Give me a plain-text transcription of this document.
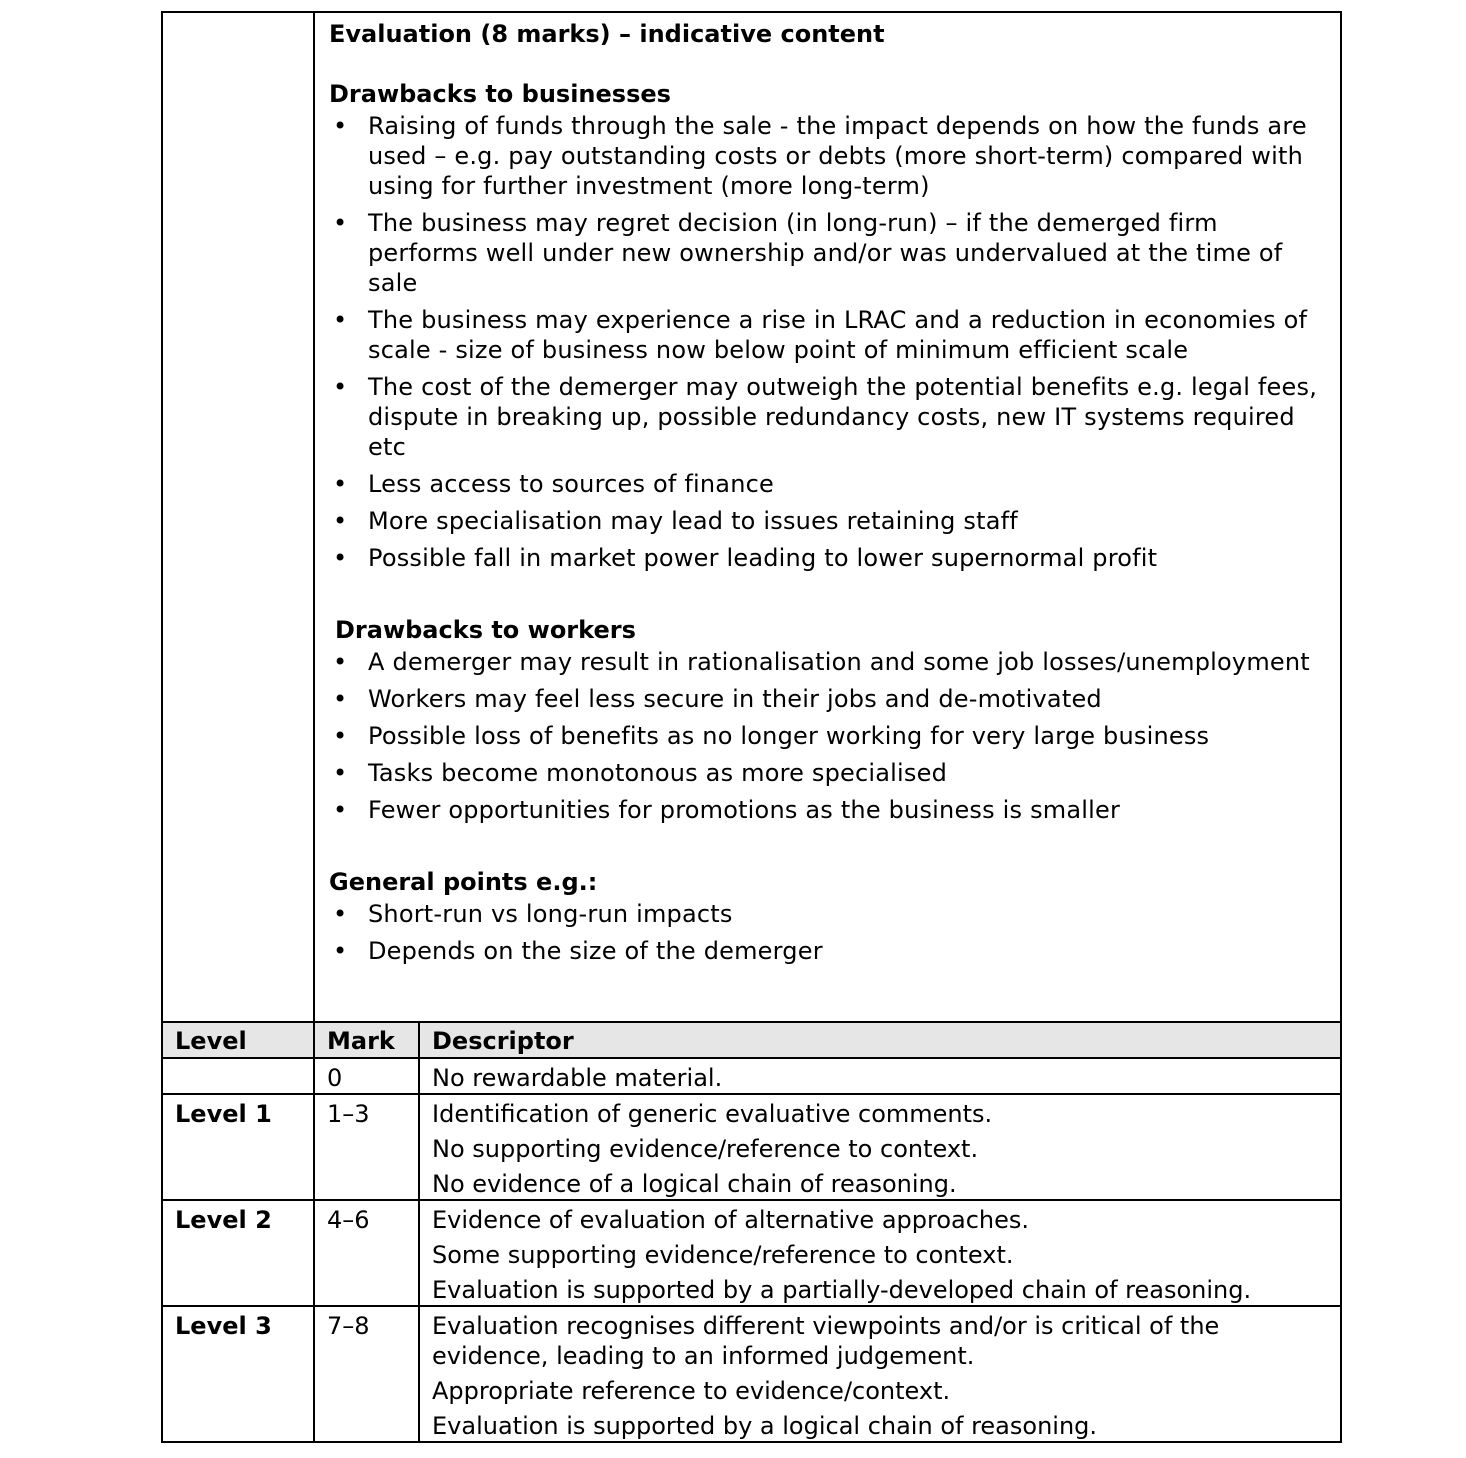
Evaluation (8 marks) – indicative content
Drawbacks to businesses
• Raising of funds through the sale - the impact depends on how the funds are used – e.g. pay outstanding costs or debts (more short-term) compared with using for further investment (more long-term)
• The business may regret decision (in long-run) – if the demerged firm performs well under new ownership and/or was undervalued at the time of sale
• The business may experience a rise in LRAC and a reduction in economies of scale - size of business now below point of minimum efficient scale
• The cost of the demerger may outweigh the potential benefits e.g. legal fees, dispute in breaking up, possible redundancy costs, new IT systems required etc
• Less access to sources of finance
• More specialisation may lead to issues retaining staff
• Possible fall in market power leading to lower supernormal profit
Drawbacks to workers
• A demerger may result in rationalisation and some job losses/unemployment
• Workers may feel less secure in their jobs and de-motivated
• Possible loss of benefits as no longer working for very large business
• Tasks become monotonous as more specialised
• Fewer opportunities for promotions as the business is smaller
General points e.g.:
• Short-run vs long-run impacts
• Depends on the size of the demerger

Level	Mark	Descriptor
	0	No rewardable material.
Level 1	1–3	Identification of generic evaluative comments.

No supporting evidence/reference to context.

No evidence of a logical chain of reasoning.

Level 2	4–6	Evidence of evaluation of alternative approaches.

Some supporting evidence/reference to context.

Evaluation is supported by a partially-developed chain of reasoning.

Level 3	7–8	Evaluation recognises different viewpoints and/or is critical of the evidence, leading to an informed judgement.

Appropriate reference to evidence/context.

Evaluation is supported by a logical chain of reasoning.
